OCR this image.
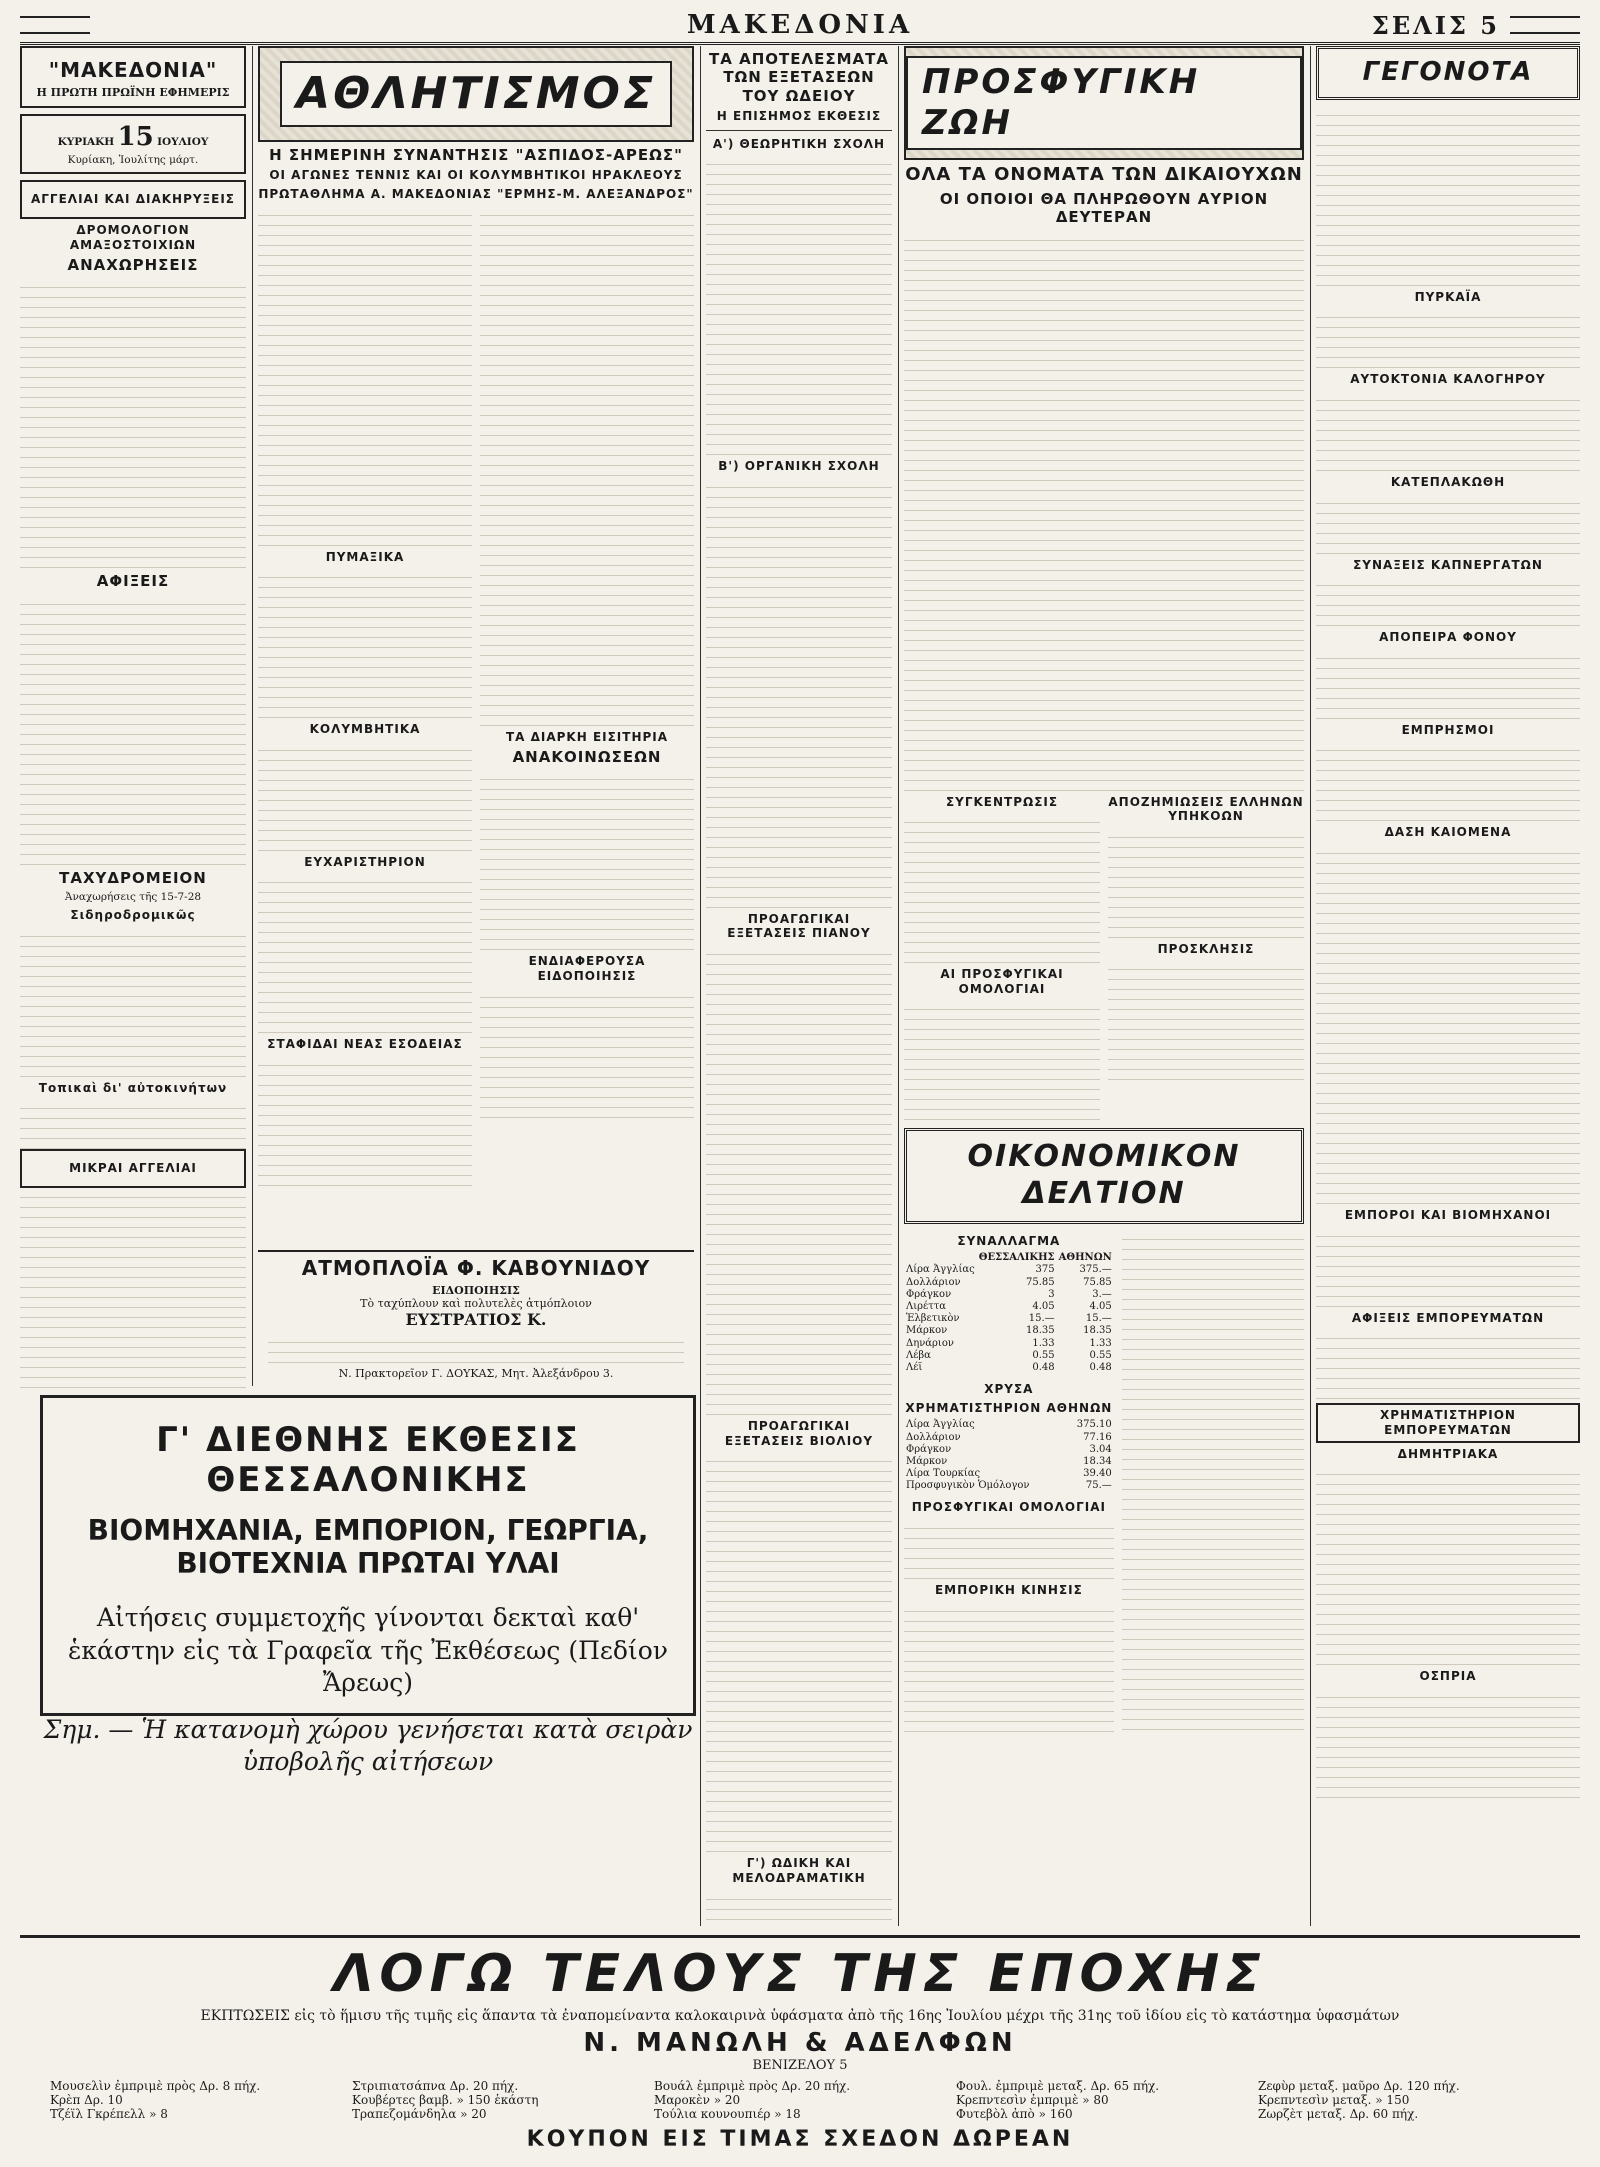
ΜΑΚΕΔΟΝΙΑ	ΣΕΛΙΣ 5
"ΜΑΚΕΔΟΝΙΑ"
Η ΠΡΩΤΗ ΠΡΩΪΝΗ ΕΦΗΜΕΡΙΣ
ΚΥΡΙΑΚΗ 15 ΙΟΥΛΙΟΥ
Κυρίακη, Ἰουλίτης μάρτ.
ΑΓΓΕΛΙΑΙ ΚΑΙ ΔΙΑΚΗΡΥΞΕΙΣ
ΔΡΟΜΟΛΟΓΙΟΝ ΑΜΑΞΟΣΤΟΙΧΙΩΝ
ΑΝΑΧΩΡΗΣΕΙΣ
ΑΦΙΞΕΙΣ
ΤΑΧΥΔΡΟΜΕΙΟΝ
Ἀναχωρήσεις τῆς 15-7-28
Σιδηροδρομικῶς
Τοπικαὶ δι' αὐτοκινήτων
ΜΙΚΡΑΙ ΑΓΓΕΛΙΑΙ
ΑΘΛΗΤΙΣΜΟΣ
Η ΣΗΜΕΡΙΝΗ ΣΥΝΑΝΤΗΣΙΣ "ΑΣΠΙΔΟΣ-ΑΡΕΩΣ"
ΟΙ ΑΓΩΝΕΣ ΤΕΝΝΙΣ ΚΑΙ ΟΙ ΚΟΛΥΜΒΗΤΙΚΟΙ ΗΡΑΚΛΕΟΥΣ
ΠΡΩΤΑΘΛΗΜΑ Α. ΜΑΚΕΔΟΝΙΑΣ "ΕΡΜΗΣ-Μ. ΑΛΕΞΑΝΔΡΟΣ"
ΠΥΜΑΞΙΚΑ
ΚΟΛΥΜΒΗΤΙΚΑ
ΕΥΧΑΡΙΣΤΗΡΙΟΝ
ΣΤΑΦΙΔΑΙ ΝΕΑΣ ΕΣΟΔΕΙΑΣ
ΤΑ ΔΙΑΡΚΗ ΕΙΣΙΤΗΡΙΑ
ΑΝΑΚΟΙΝΩΣΕΩΝ
ΕΝΔΙΑΦΕΡΟΥΣΑ ΕΙΔΟΠΟΙΗΣΙΣ
ΑΤΜΟΠΛΟΪΑ Φ. ΚΑΒΟΥΝΙΔΟΥ
ΕΙΔΟΠΟΙΗΣΙΣ
Τὸ ταχύπλουν καὶ πολυτελὲς ἀτμόπλοιον
ΕΥΣΤΡΑΤΙΟΣ Κ.
Ν. Πρακτορεῖον Γ. ΔΟΥΚΑΣ, Μητ. Ἀλεξάνδρου 3.
Γ' ΔΙΕΘΝΗΣ ΕΚΘΕΣΙΣ ΘΕΣΣΑΛΟΝΙΚΗΣ
ΒΙΟΜΗΧΑΝΙΑ, ΕΜΠΟΡΙΟΝ, ΓΕΩΡΓΙΑ, ΒΙΟΤΕΧΝΙΑ ΠΡΩΤΑΙ ΥΛΑΙ
Αἰτήσεις συμμετοχῆς γίνονται δεκταὶ καθ' ἑκάστην εἰς τὰ Γραφεῖα τῆς Ἐκθέσεως (Πεδίον Ἄρεως)
Σημ. — Ἡ κατανομὴ χώρου γενήσεται κατὰ σειρὰν ὑποβολῆς αἰτήσεων
ΤΑ ΑΠΟΤΕΛΕΣΜΑΤΑ ΤΩΝ ΕΞΕΤΑΣΕΩΝ ΤΟΥ ΩΔΕΙΟΥ
Η ΕΠΙΣΗΜΟΣ ΕΚΘΕΣΙΣ
Α') ΘΕΩΡΗΤΙΚΗ ΣΧΟΛΗ
Β') ΟΡΓΑΝΙΚΗ ΣΧΟΛΗ
ΠΡΟΑΓΩΓΙΚΑΙ ΕΞΕΤΑΣΕΙΣ ΠΙΑΝΟΥ
ΠΡΟΑΓΩΓΙΚΑΙ ΕΞΕΤΑΣΕΙΣ ΒΙΟΛΙΟΥ
Γ') ΩΔΙΚΗ ΚΑΙ ΜΕΛΟΔΡΑΜΑΤΙΚΗ
ΠΡΟΣΦΥΓΙΚΗ ΖΩΗ
ΟΛΑ ΤΑ ΟΝΟΜΑΤΑ ΤΩΝ ΔΙΚΑΙΟΥΧΩΝ
ΟΙ ΟΠΟΙΟΙ ΘΑ ΠΛΗΡΩΘΟΥΝ ΑΥΡΙΟΝ ΔΕΥΤΕΡΑΝ
ΣΥΓΚΕΝΤΡΩΣΙΣ
ΑΙ ΠΡΟΣΦΥΓΙΚΑΙ ΟΜΟΛΟΓΙΑΙ
ΑΠΟΖΗΜΙΩΣΕΙΣ ΕΛΛΗΝΩΝ ΥΠΗΚΟΩΝ
ΠΡΟΣΚΛΗΣΙΣ
ΟΙΚΟΝΟΜΙΚΟΝ ΔΕΛΤΙΟΝ
ΣΥΝΑΛΛΑΓΜΑ
	ΘΕΣΣΑΛΙΚΗΣ	ΑΘΗΝΩΝ
Λίρα Ἀγγλίας	375	375.—
Δολλάριον	75.85	75.85
Φράγκον	3	3.—
Λιρέττα	4.05	4.05
Ἑλβετικὸν	15.—	15.—
Μάρκον	18.35	18.35
Δηνάριον	1.33	1.33
Λέβα	0.55	0.55
Λέϊ	0.48	0.48
ΧΡΥΣΑ
ΧΡΗΜΑΤΙΣΤΗΡΙΟΝ ΑΘΗΝΩΝ
Λίρα Ἀγγλίας	375.10
Δολλάριον	77.16
Φράγκον	3.04
Μάρκον	18.34
Λίρα Τουρκίας	39.40
Προσφυγικὸν Ὁμόλογον	75.—
ΠΡΟΣΦΥΓΙΚΑΙ ΟΜΟΛΟΓΙΑΙ
ΕΜΠΟΡΙΚΗ ΚΙΝΗΣΙΣ
ΓΕΓΟΝΟΤΑ
ΠΥΡΚΑΪΑ
ΑΥΤΟΚΤΟΝΙΑ ΚΑΛΟΓΗΡΟΥ
ΚΑΤΕΠΛΑΚΩΘΗ
ΣΥΝΑΞΕΙΣ ΚΑΠΝΕΡΓΑΤΩΝ
ΑΠΟΠΕΙΡΑ ΦΟΝΟΥ
ΕΜΠΡΗΣΜΟΙ
ΔΑΣΗ ΚΑΙΟΜΕΝΑ
ΕΜΠΟΡΟΙ ΚΑΙ ΒΙΟΜΗΧΑΝΟΙ
ΑΦΙΞΕΙΣ ΕΜΠΟΡΕΥΜΑΤΩΝ
ΧΡΗΜΑΤΙΣΤΗΡΙΟΝ ΕΜΠΟΡΕΥΜΑΤΩΝ
ΔΗΜΗΤΡΙΑΚΑ
ΟΣΠΡΙΑ
ΛΟΓΩ ΤΕΛΟΥΣ ΤΗΣ ΕΠΟΧΗΣ
ΕΚΠΤΩΣΕΙΣ εἰς τὸ ἥμισυ τῆς τιμῆς εἰς ἅπαντα τὰ ἐναπομείναντα καλοκαιρινὰ ὑφάσματα ἀπὸ τῆς 16ης Ἰουλίου μέχρι τῆς 31ης τοῦ ἰδίου εἰς τὸ κατάστημα ὑφασμάτων
Ν. ΜΑΝΩΛΗ & ΑΔΕΛΦΩΝ
ΒΕΝΙΖΕΛΟΥ 5
Μουσελὶν ἐμπριμὲ πρὸς Δρ. 8 πήχ.	Στριπιατσάπνα Δρ. 20 πήχ.	Βουάλ ἐμπριμὲ πρὸς Δρ. 20 πήχ.	Φουλ. ἐμπριμὲ μεταξ. Δρ. 65 πήχ.	Ζεφὺρ μεταξ. μαῦρο Δρ. 120 πήχ.
Κρὲπ Δρ. 10	Κουβέρτες βαμβ. » 150 ἑκάστη	Μαροκὲν » 20	Κρεπντεσὶν ἐμπριμὲ » 80	Κρεπντεσὶν μεταξ. » 150
Τζέϊλ Γκρέπελλ » 8	Τραπεζομάνδηλα » 20	Τούλια κουνουπιέρ » 18	Φυτεβὸλ ἀπὸ » 160	Ζωρζὲτ μεταξ. Δρ. 60 πήχ.
ΚΟΥΠΟΝ ΕΙΣ ΤΙΜΑΣ ΣΧΕΔΟΝ ΔΩΡΕΑΝ
